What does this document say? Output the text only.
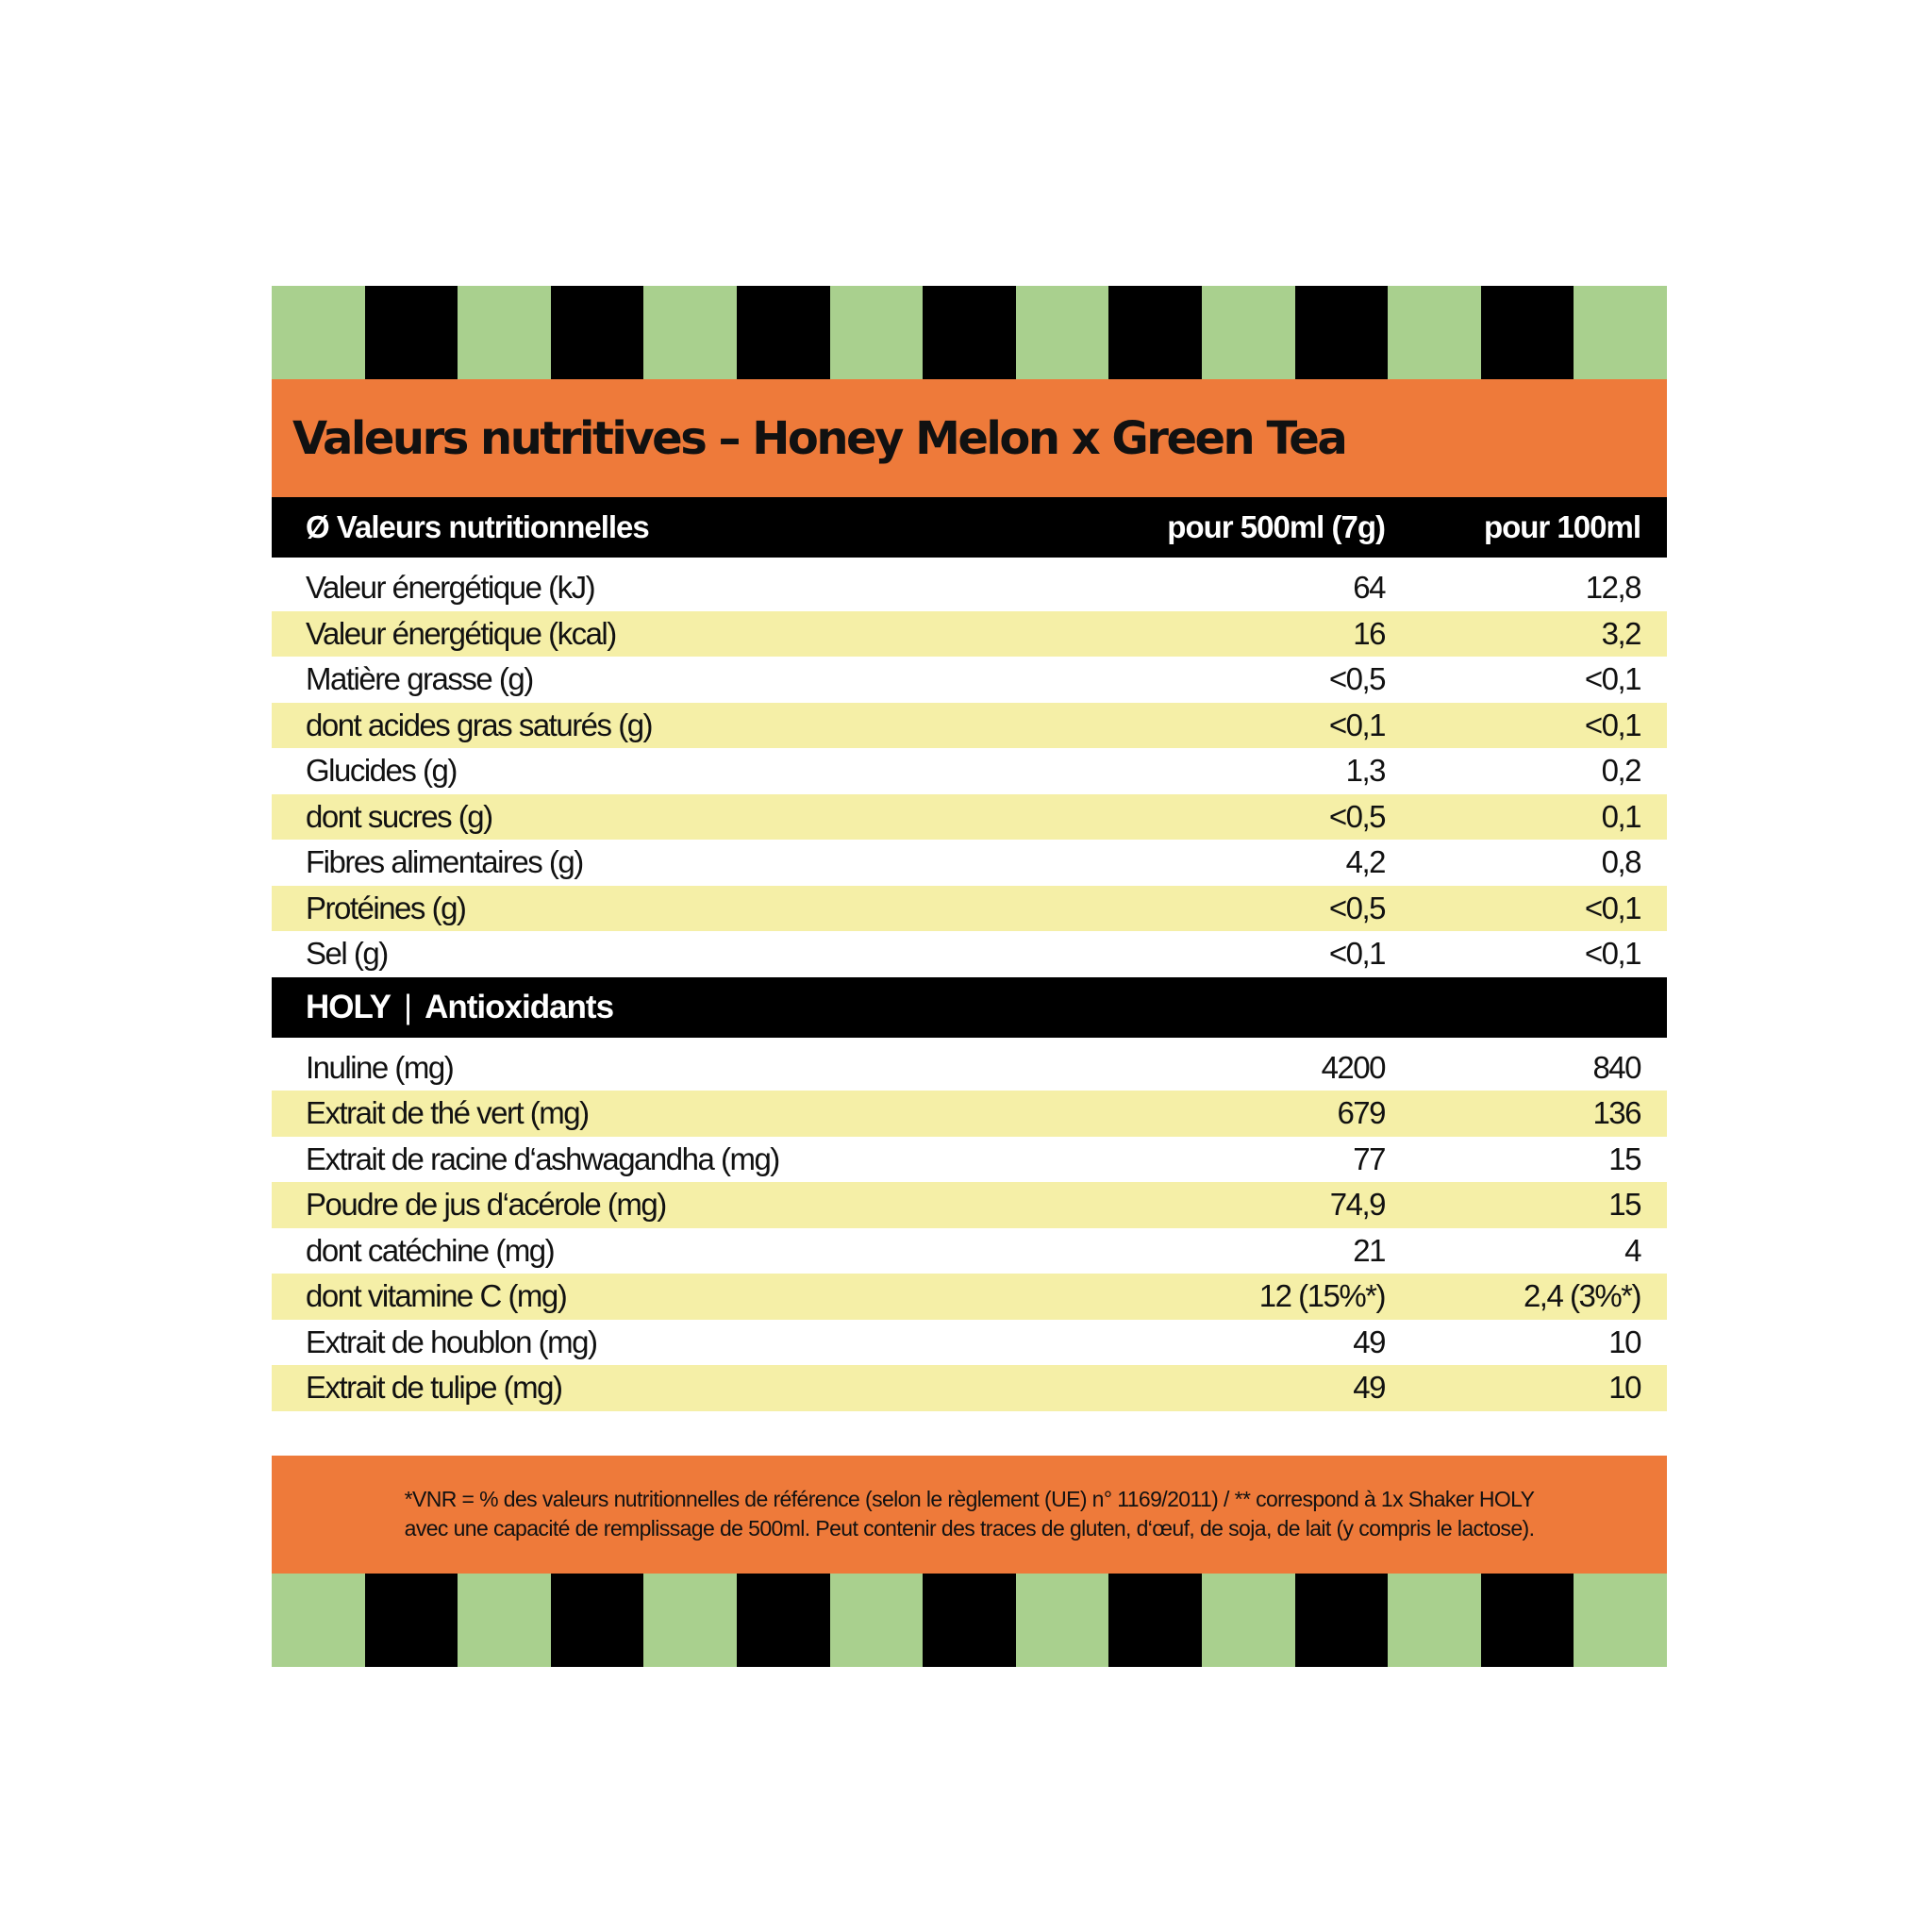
Valeurs nutritives – Honey Melon x Green Tea
Ø Valeurs nutritionnelles	pour 500ml (7g)	pour 100ml
Valeur énergétique (kJ)	64	12,8
Valeur énergétique (kcal)	16	3,2
Matière grasse (g)	<0,5	<0,1
dont acides gras saturés (g)	<0,1	<0,1
Glucides (g)	1,3	0,2
dont sucres (g)	<0,5	0,1
Fibres alimentaires (g)	4,2	0,8
Protéines (g)	<0,5	<0,1
Sel (g)	<0,1	<0,1
HOLY | Antioxidants
Inuline (mg)	4200	840
Extrait de thé vert (mg)	679	136
Extrait de racine d‘ashwagandha (mg)	77	15
Poudre de jus d‘acérole (mg)	74,9	15
dont catéchine (mg)	21	4
dont vitamine C (mg)	12 (15%*)	2,4 (3%*)
Extrait de houblon (mg)	49	10
Extrait de tulipe (mg)	49	10
*VNR = % des valeurs nutritionnelles de référence (selon le règlement (UE) n° 1169/2011) / ** correspond à 1x Shaker HOLY
avec une capacité de remplissage de 500ml. Peut contenir des traces de gluten, d‘œuf, de soja, de lait (y compris le lactose).
